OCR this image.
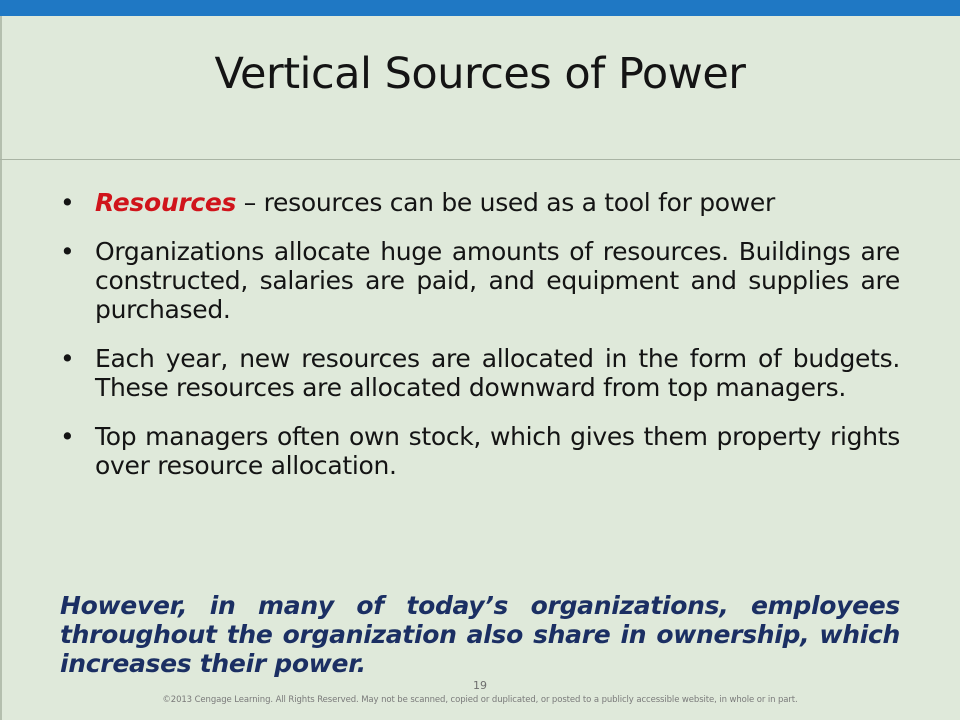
Vertical Sources of Power
• Resources – resources can be used as a tool for power
• Organizations allocate huge amounts of resources. Buildings are constructed, salaries are paid, and equipment and supplies are purchased.
• Each year, new resources are allocated in the form of budgets. These resources are allocated downward from top managers.
• Top managers often own stock, which gives them property rights over resource allocation.

However, in many of today’s organizations, employees throughout the organization also share in ownership, which increases their power.

19
©2013 Cengage Learning. All Rights Reserved. May not be scanned, copied or duplicated, or posted to a publicly accessible website, in whole or in part.
